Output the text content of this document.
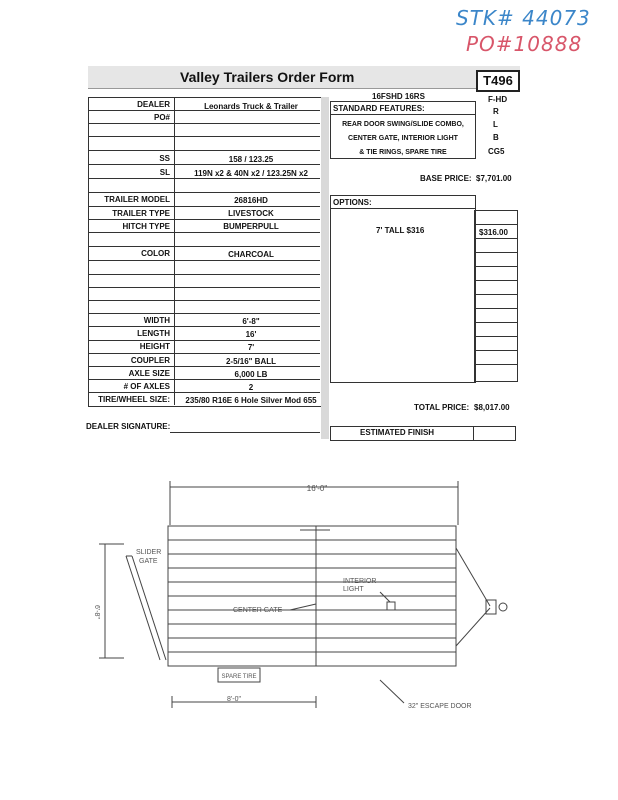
STK# 44073
PO#10888
Valley Trailers Order Form	T496
16FSHD 16RS	F-HD
DEALER	Leonards Truck & Trailer
PO#
SS	158 / 123.25
SL	119N x2 & 40N x2 / 123.25N x2
TRAILER MODEL	26816HD
TRAILER TYPE	LIVESTOCK
HITCH TYPE	BUMPERPULL
COLOR	CHARCOAL
WIDTH	6'-8"
LENGTH	16'
HEIGHT	7'
COUPLER	2-5/16" BALL
AXLE SIZE	6,000 LB
# OF AXLES	2
TIRE/WHEEL SIZE:	235/80 R16E 6 Hole Silver Mod 655
STANDARD FEATURES:
REAR DOOR SWING/SLIDE COMBO,
CENTER GATE, INTERIOR LIGHT
& TIE RINGS, SPARE TIRE
R
L
B
CG5
BASE PRICE: $7,701.00
OPTIONS:
7' TALL $316	$316.00
TOTAL PRICE: $8,017.00
DEALER SIGNATURE:
ESTIMATED FINISH
16'-0"
SLIDER
GATE
INTERIOR
LIGHT
CENTER GATE
SPARE TIRE
8'-0"
6'-8"
32" ESCAPE DOOR
